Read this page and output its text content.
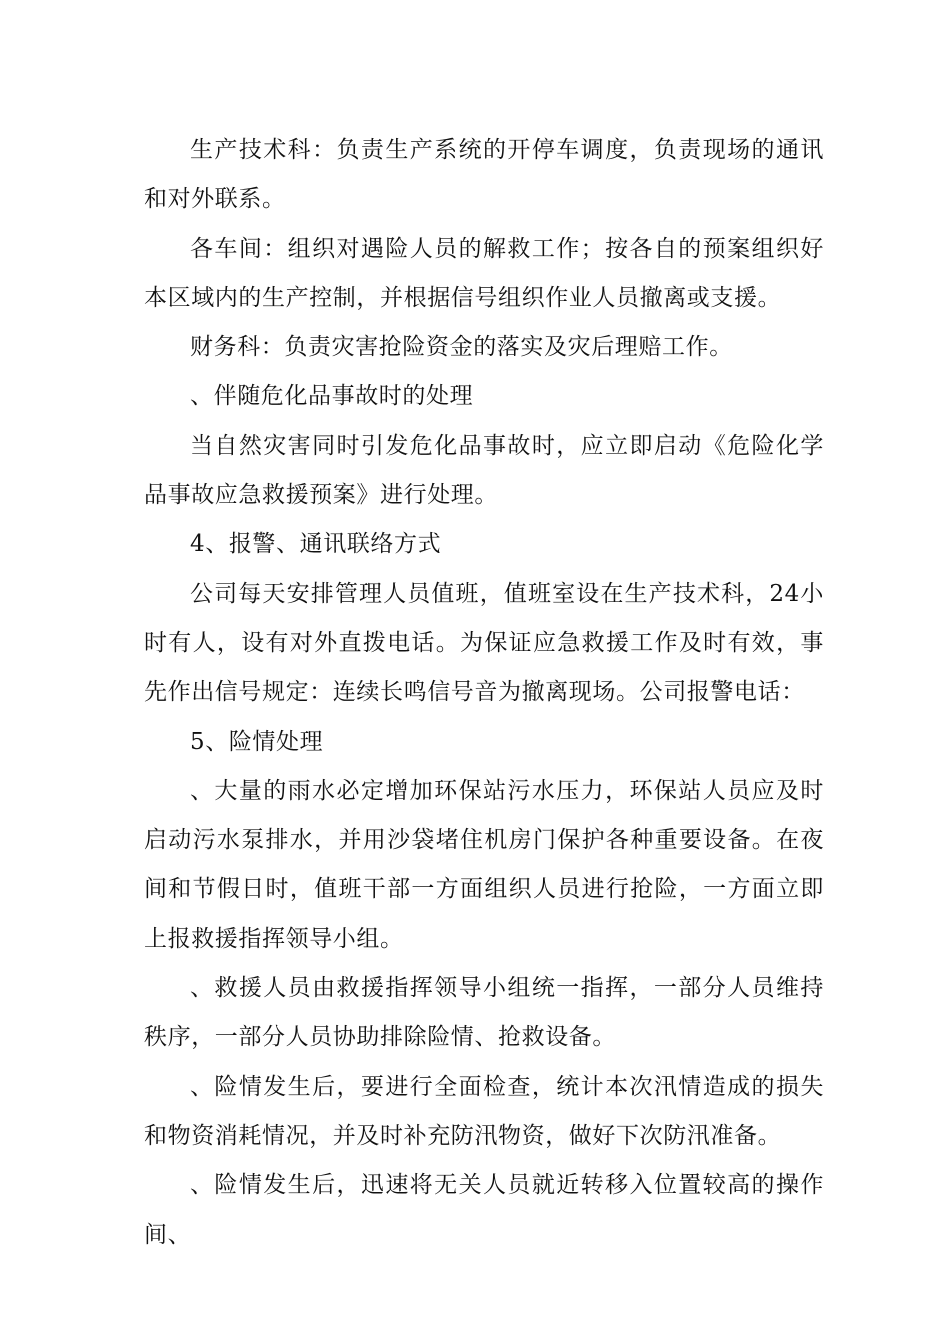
生产技术科：负责生产系统的开停车调度，负责现场的通讯和对外联系。

各车间：组织对遇险人员的解救工作；按各自的预案组织好本区域内的生产控制，并根据信号组织作业人员撤离或支援。

财务科：负责灾害抢险资金的落实及灾后理赔工作。

、伴随危化品事故时的处理

当自然灾害同时引发危化品事故时，应立即启动《危险化学品事故应急救援预案》进行处理。

4、报警、通讯联络方式

公司每天安排管理人员值班，值班室设在生产技术科，24小时有人，设有对外直拨电话。为保证应急救援工作及时有效，事先作出信号规定：连续长鸣信号音为撤离现场。公司报警电话：

5、险情处理

、大量的雨水必定增加环保站污水压力，环保站人员应及时启动污水泵排水，并用沙袋堵住机房门保护各种重要设备。在夜间和节假日时，值班干部一方面组织人员进行抢险，一方面立即上报救援指挥领导小组。

、救援人员由救援指挥领导小组统一指挥，一部分人员维持秩序，一部分人员协助排除险情、抢救设备。

、险情发生后，要进行全面检查，统计本次汛情造成的损失和物资消耗情况，并及时补充防汛物资，做好下次防汛准备。

、险情发生后，迅速将无关人员就近转移入位置较高的操作间、
